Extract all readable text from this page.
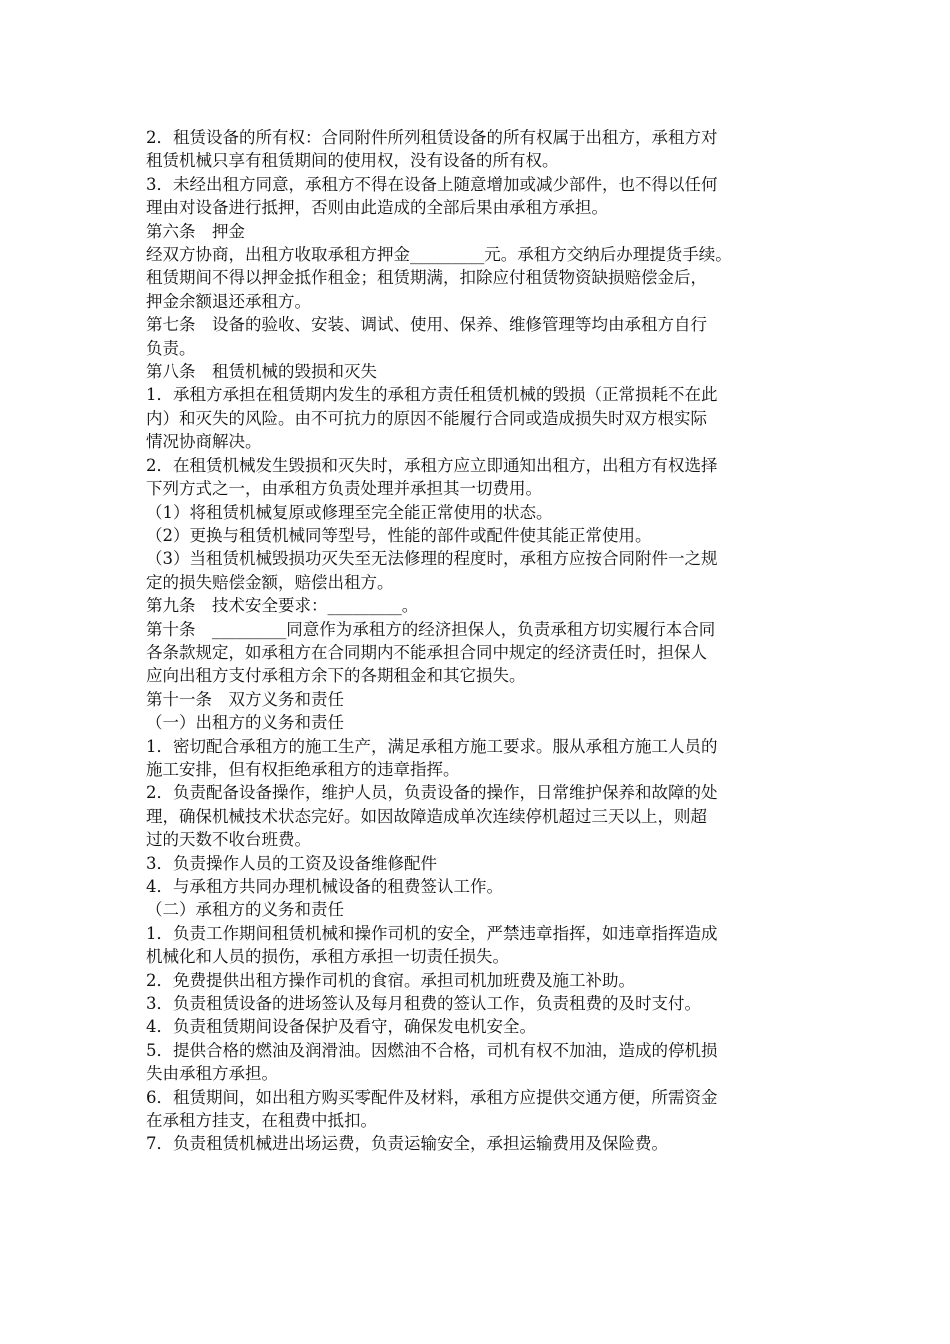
2．租赁设备的所有权：合同附件所列租赁设备的所有权属于出租方，承租方对
租赁机械只享有租赁期间的使用权，没有设备的所有权。
3．未经出租方同意，承租方不得在设备上随意增加或减少部件，也不得以任何
理由对设备进行抵押，否则由此造成的全部后果由承租方承担。
第六条　押金
经双方协商，出租方收取承租方押金_________元。承租方交纳后办理提货手续。
租赁期间不得以押金抵作租金；租赁期满，扣除应付租赁物资缺损赔偿金后，
押金余额退还承租方。
第七条　设备的验收、安装、调试、使用、保养、维修管理等均由承租方自行
负责。
第八条　租赁机械的毁损和灭失
1．承租方承担在租赁期内发生的承租方责任租赁机械的毁损（正常损耗不在此
内）和灭失的风险。由不可抗力的原因不能履行合同或造成损失时双方根实际
情况协商解决。
2．在租赁机械发生毁损和灭失时，承租方应立即通知出租方，出租方有权选择
下列方式之一，由承租方负责处理并承担其一切费用。
（1）将租赁机械复原或修理至完全能正常使用的状态。
（2）更换与租赁机械同等型号，性能的部件或配件使其能正常使用。
（3）当租赁机械毁损功灭失至无法修理的程度时，承租方应按合同附件一之规
定的损失赔偿金额，赔偿出租方。
第九条　技术安全要求：_________。
第十条　_________同意作为承租方的经济担保人，负责承租方切实履行本合同
各条款规定，如承租方在合同期内不能承担合同中规定的经济责任时，担保人
应向出租方支付承租方余下的各期租金和其它损失。
第十一条　双方义务和责任
（一）出租方的义务和责任
1．密切配合承租方的施工生产，满足承租方施工要求。服从承租方施工人员的
施工安排，但有权拒绝承租方的违章指挥。
2．负责配备设备操作，维护人员，负责设备的操作，日常维护保养和故障的处
理，确保机械技术状态完好。如因故障造成单次连续停机超过三天以上，则超
过的天数不收台班费。
3．负责操作人员的工资及设备维修配件
4．与承租方共同办理机械设备的租费签认工作。
（二）承租方的义务和责任
1．负责工作期间租赁机械和操作司机的安全，严禁违章指挥，如违章指挥造成
机械化和人员的损伤，承租方承担一切责任损失。
2．免费提供出租方操作司机的食宿。承担司机加班费及施工补助。
3．负责租赁设备的进场签认及每月租费的签认工作，负责租费的及时支付。
4．负责租赁期间设备保护及看守，确保发电机安全。
5．提供合格的燃油及润滑油。因燃油不合格，司机有权不加油，造成的停机损
失由承租方承担。
6．租赁期间，如出租方购买零配件及材料，承租方应提供交通方便，所需资金
在承租方挂支，在租费中抵扣。
7．负责租赁机械进出场运费，负责运输安全，承担运输费用及保险费。
